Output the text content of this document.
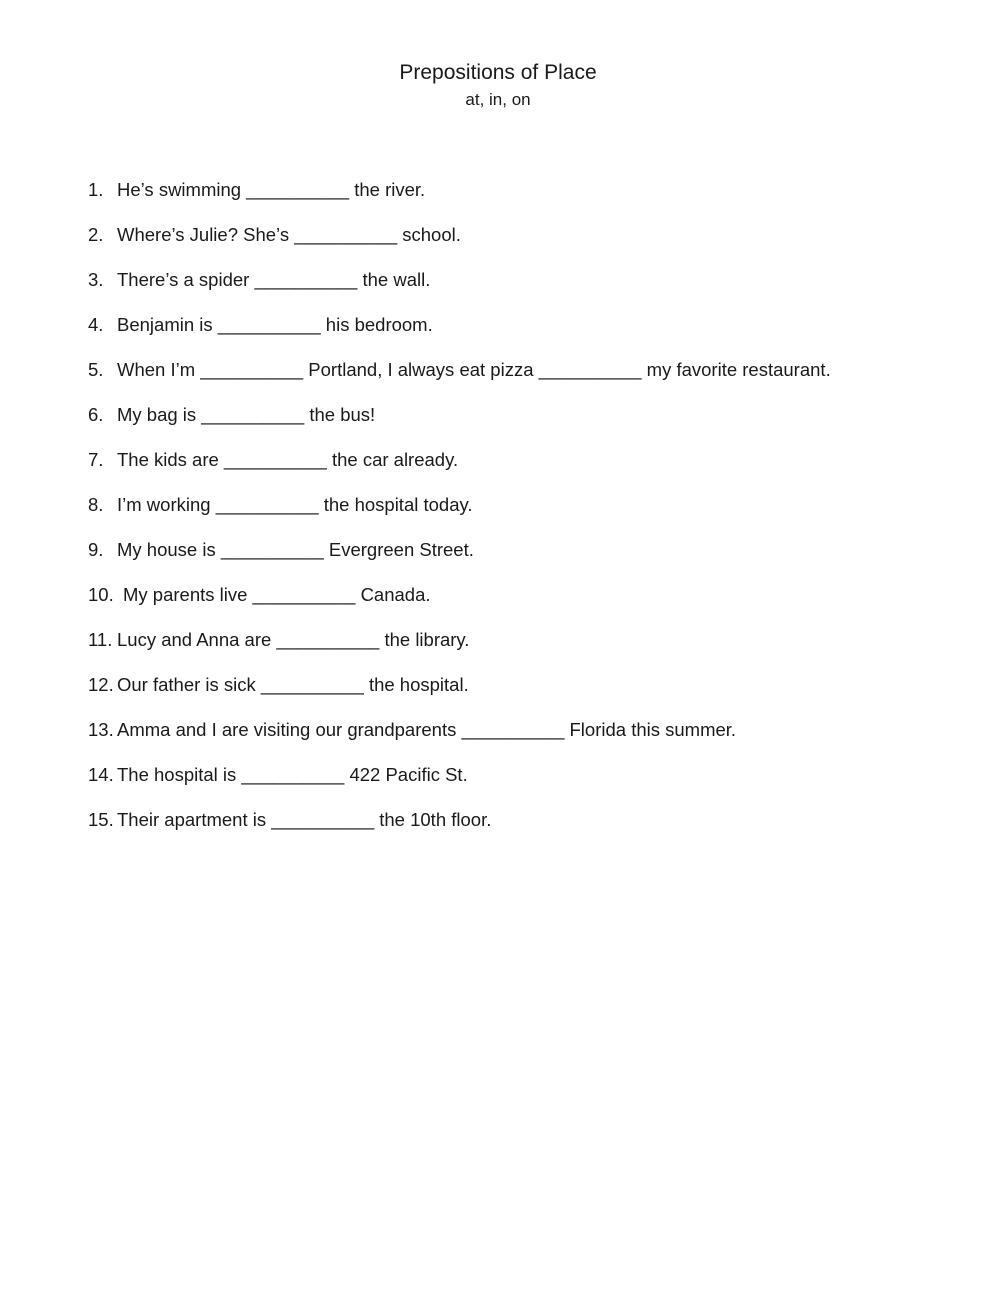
Prepositions of Place
at, in, on
1. He’s swimming __________ the river.
2. Where’s Julie? She’s __________ school.
3. There’s a spider __________ the wall.
4. Benjamin is __________ his bedroom.
5. When I’m __________ Portland, I always eat pizza __________ my favorite restaurant.
6. My bag is __________ the bus!
7. The kids are __________ the car already.
8. I’m working __________ the hospital today.
9. My house is __________ Evergreen Street.
10. My parents live __________ Canada.
11. Lucy and Anna are __________ the library.
12. Our father is sick __________ the hospital.
13. Amma and I are visiting our grandparents __________ Florida this summer.
14. The hospital is __________ 422 Pacific St.
15. Their apartment is __________ the 10th floor.
